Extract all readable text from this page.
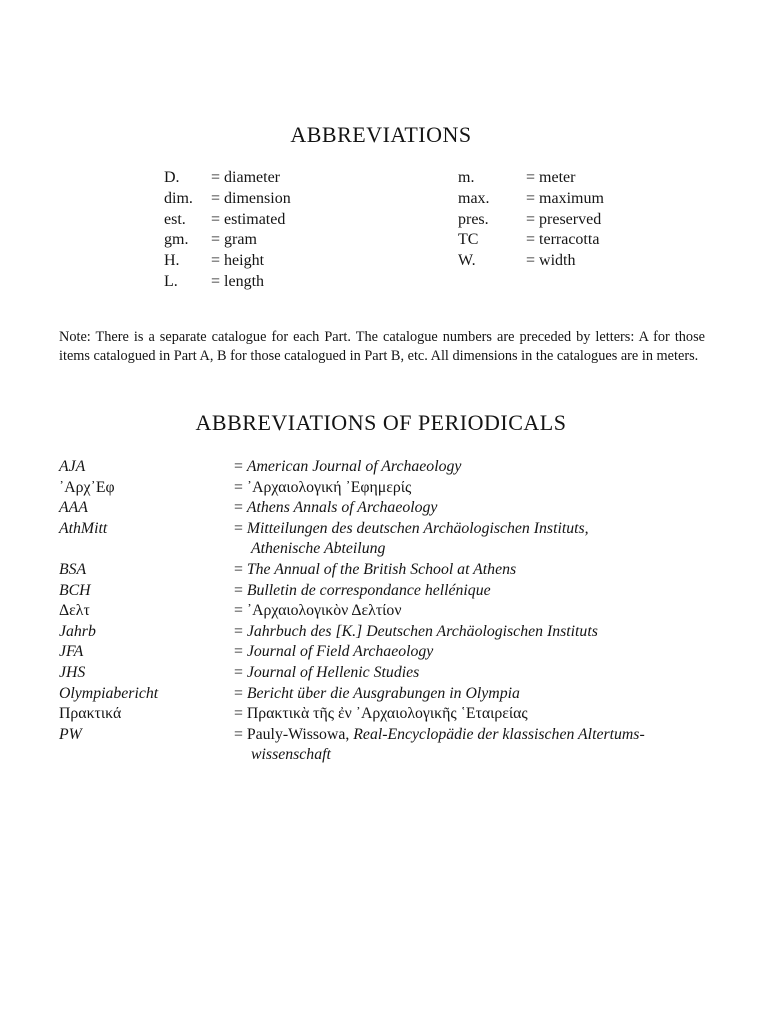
ABBREVIATIONS
D. = diameter
dim. = dimension
est. = estimated
gm. = gram
H. = height
L. = length
m.	= meter
max. = maximum
pres. = preserved
TC	= terracotta
W.	= width

Note: There is a separate catalogue for each Part. The catalogue numbers are preceded by letters: A for those items catalogued in Part A, B for those catalogued in Part B, etc. All dimensions in the catalogues are in meters.

ABBREVIATIONS OF PERIODICALS
AJA	= American Journal of Archaeology
᾿Αρχ᾿Εφ	= ᾿Αρχαιολογική ᾿Εφημερίς
AAA	= Athens Annals of Archaeology
AthMitt	= Mitteilungen des deutschen Archäologischen Instituts,
Athenische Abteilung
BSA	= The Annual of the British School at Athens
BCH	= Bulletin de correspondance hellénique
Δελτ	= ᾿Αρχαιολογικὸν Δελτίον
Jahrb	= Jahrbuch des [K.] Deutschen Archäologischen Instituts
JFA	= Journal of Field Archaeology
JHS	= Journal of Hellenic Studies
Olympiabericht	= Bericht über die Ausgrabungen in Olympia
Πρακτικά	= Πρακτικὰ τῆς ἐν ᾿Αρχαιολογικῆς ῾Εταιρείας
PW	= Pauly-Wissowa, Real-Encyclopädie der klassischen Altertums-
wissenschaft
